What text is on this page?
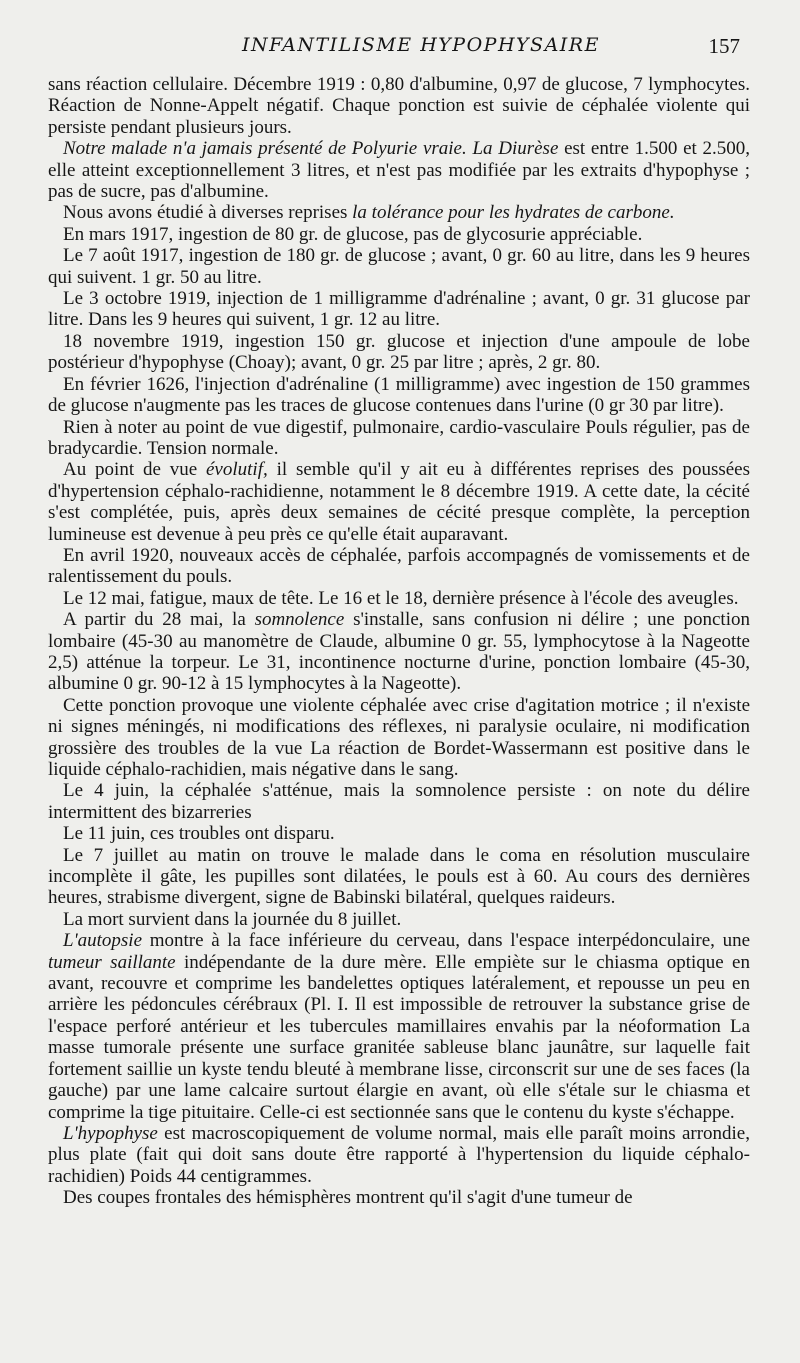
INFANTILISME HYPOPHYSAIRE	157

sans réaction cellulaire. Décembre 1919 : 0,80 d'albumine, 0,97 de glucose, 7 lymphocytes. Réaction de Nonne-Appelt négatif. Chaque ponction est suivie de céphalée violente qui persiste pendant plusieurs jours.

Notre malade n'a jamais présenté de Polyurie vraie. La Diurèse est entre 1.500 et 2.500, elle atteint exceptionnellement 3 litres, et n'est pas modifiée par les extraits d'hypophyse ; pas de sucre, pas d'albumine.

Nous avons étudié à diverses reprises la tolérance pour les hydrates de carbone.

En mars 1917, ingestion de 80 gr. de glucose, pas de glycosurie appréciable.

Le 7 août 1917, ingestion de 180 gr. de glucose ; avant, 0 gr. 60 au litre, dans les 9 heures qui suivent. 1 gr. 50 au litre.

Le 3 octobre 1919, injection de 1 milligramme d'adrénaline ; avant, 0 gr. 31 glucose par litre. Dans les 9 heures qui suivent, 1 gr. 12 au litre.

18 novembre 1919, ingestion 150 gr. glucose et injection d'une ampoule de lobe postérieur d'hypophyse (Choay); avant, 0 gr. 25 par litre ; après, 2 gr. 80.

En février 1626, l'injection d'adrénaline (1 milligramme) avec ingestion de 150 grammes de glucose n'augmente pas les traces de glucose contenues dans l'urine (0 gr 30 par litre).

Rien à noter au point de vue digestif, pulmonaire, cardio-vasculaire Pouls régulier, pas de bradycardie. Tension normale.

Au point de vue évolutif, il semble qu'il y ait eu à différentes reprises des poussées d'hypertension céphalo-rachidienne, notamment le 8 décembre 1919. A cette date, la cécité s'est complétée, puis, après deux semaines de cécité presque complète, la perception lumineuse est devenue à peu près ce qu'elle était auparavant.

En avril 1920, nouveaux accès de céphalée, parfois accompagnés de vomissements et de ralentissement du pouls.

Le 12 mai, fatigue, maux de tête. Le 16 et le 18, dernière présence à l'école des aveugles.

A partir du 28 mai, la somnolence s'installe, sans confusion ni délire ; une ponction lombaire (45-30 au manomètre de Claude, albumine 0 gr. 55, lymphocytose à la Nageotte 2,5) atténue la torpeur. Le 31, incontinence nocturne d'urine, ponction lombaire (45-30, albumine 0 gr. 90-12 à 15 lymphocytes à la Nageotte).

Cette ponction provoque une violente céphalée avec crise d'agitation motrice ; il n'existe ni signes méningés, ni modifications des réflexes, ni paralysie oculaire, ni modification grossière des troubles de la vue La réaction de Bordet-Wassermann est positive dans le liquide céphalo-rachidien, mais négative dans le sang.

Le 4 juin, la céphalée s'atténue, mais la somnolence persiste : on note du délire intermittent des bizarreries

Le 11 juin, ces troubles ont disparu.

Le 7 juillet au matin on trouve le malade dans le coma en résolution musculaire incomplète il gâte, les pupilles sont dilatées, le pouls est à 60. Au cours des dernières heures, strabisme divergent, signe de Babinski bilatéral, quelques raideurs.

La mort survient dans la journée du 8 juillet.

L'autopsie montre à la face inférieure du cerveau, dans l'espace interpédonculaire, une tumeur saillante indépendante de la dure mère. Elle empiète sur le chiasma optique en avant, recouvre et comprime les bandelettes optiques latéralement, et repousse un peu en arrière les pédoncules cérébraux (Pl. I. Il est impossible de retrouver la substance grise de l'espace perforé antérieur et les tubercules mamillaires envahis par la néoformation La masse tumorale présente une surface granitée sableuse blanc jaunâtre, sur laquelle fait fortement saillie un kyste tendu bleuté à membrane lisse, circonscrit sur une de ses faces (la gauche) par une lame calcaire surtout élargie en avant, où elle s'étale sur le chiasma et comprime la tige pituitaire. Celle-ci est sectionnée sans que le contenu du kyste s'échappe.

L'hypophyse est macroscopiquement de volume normal, mais elle paraît moins arrondie, plus plate (fait qui doit sans doute être rapporté à l'hypertension du liquide céphalo-rachidien) Poids 44 centigrammes.

Des coupes frontales des hémisphères montrent qu'il s'agit d'une tumeur de
